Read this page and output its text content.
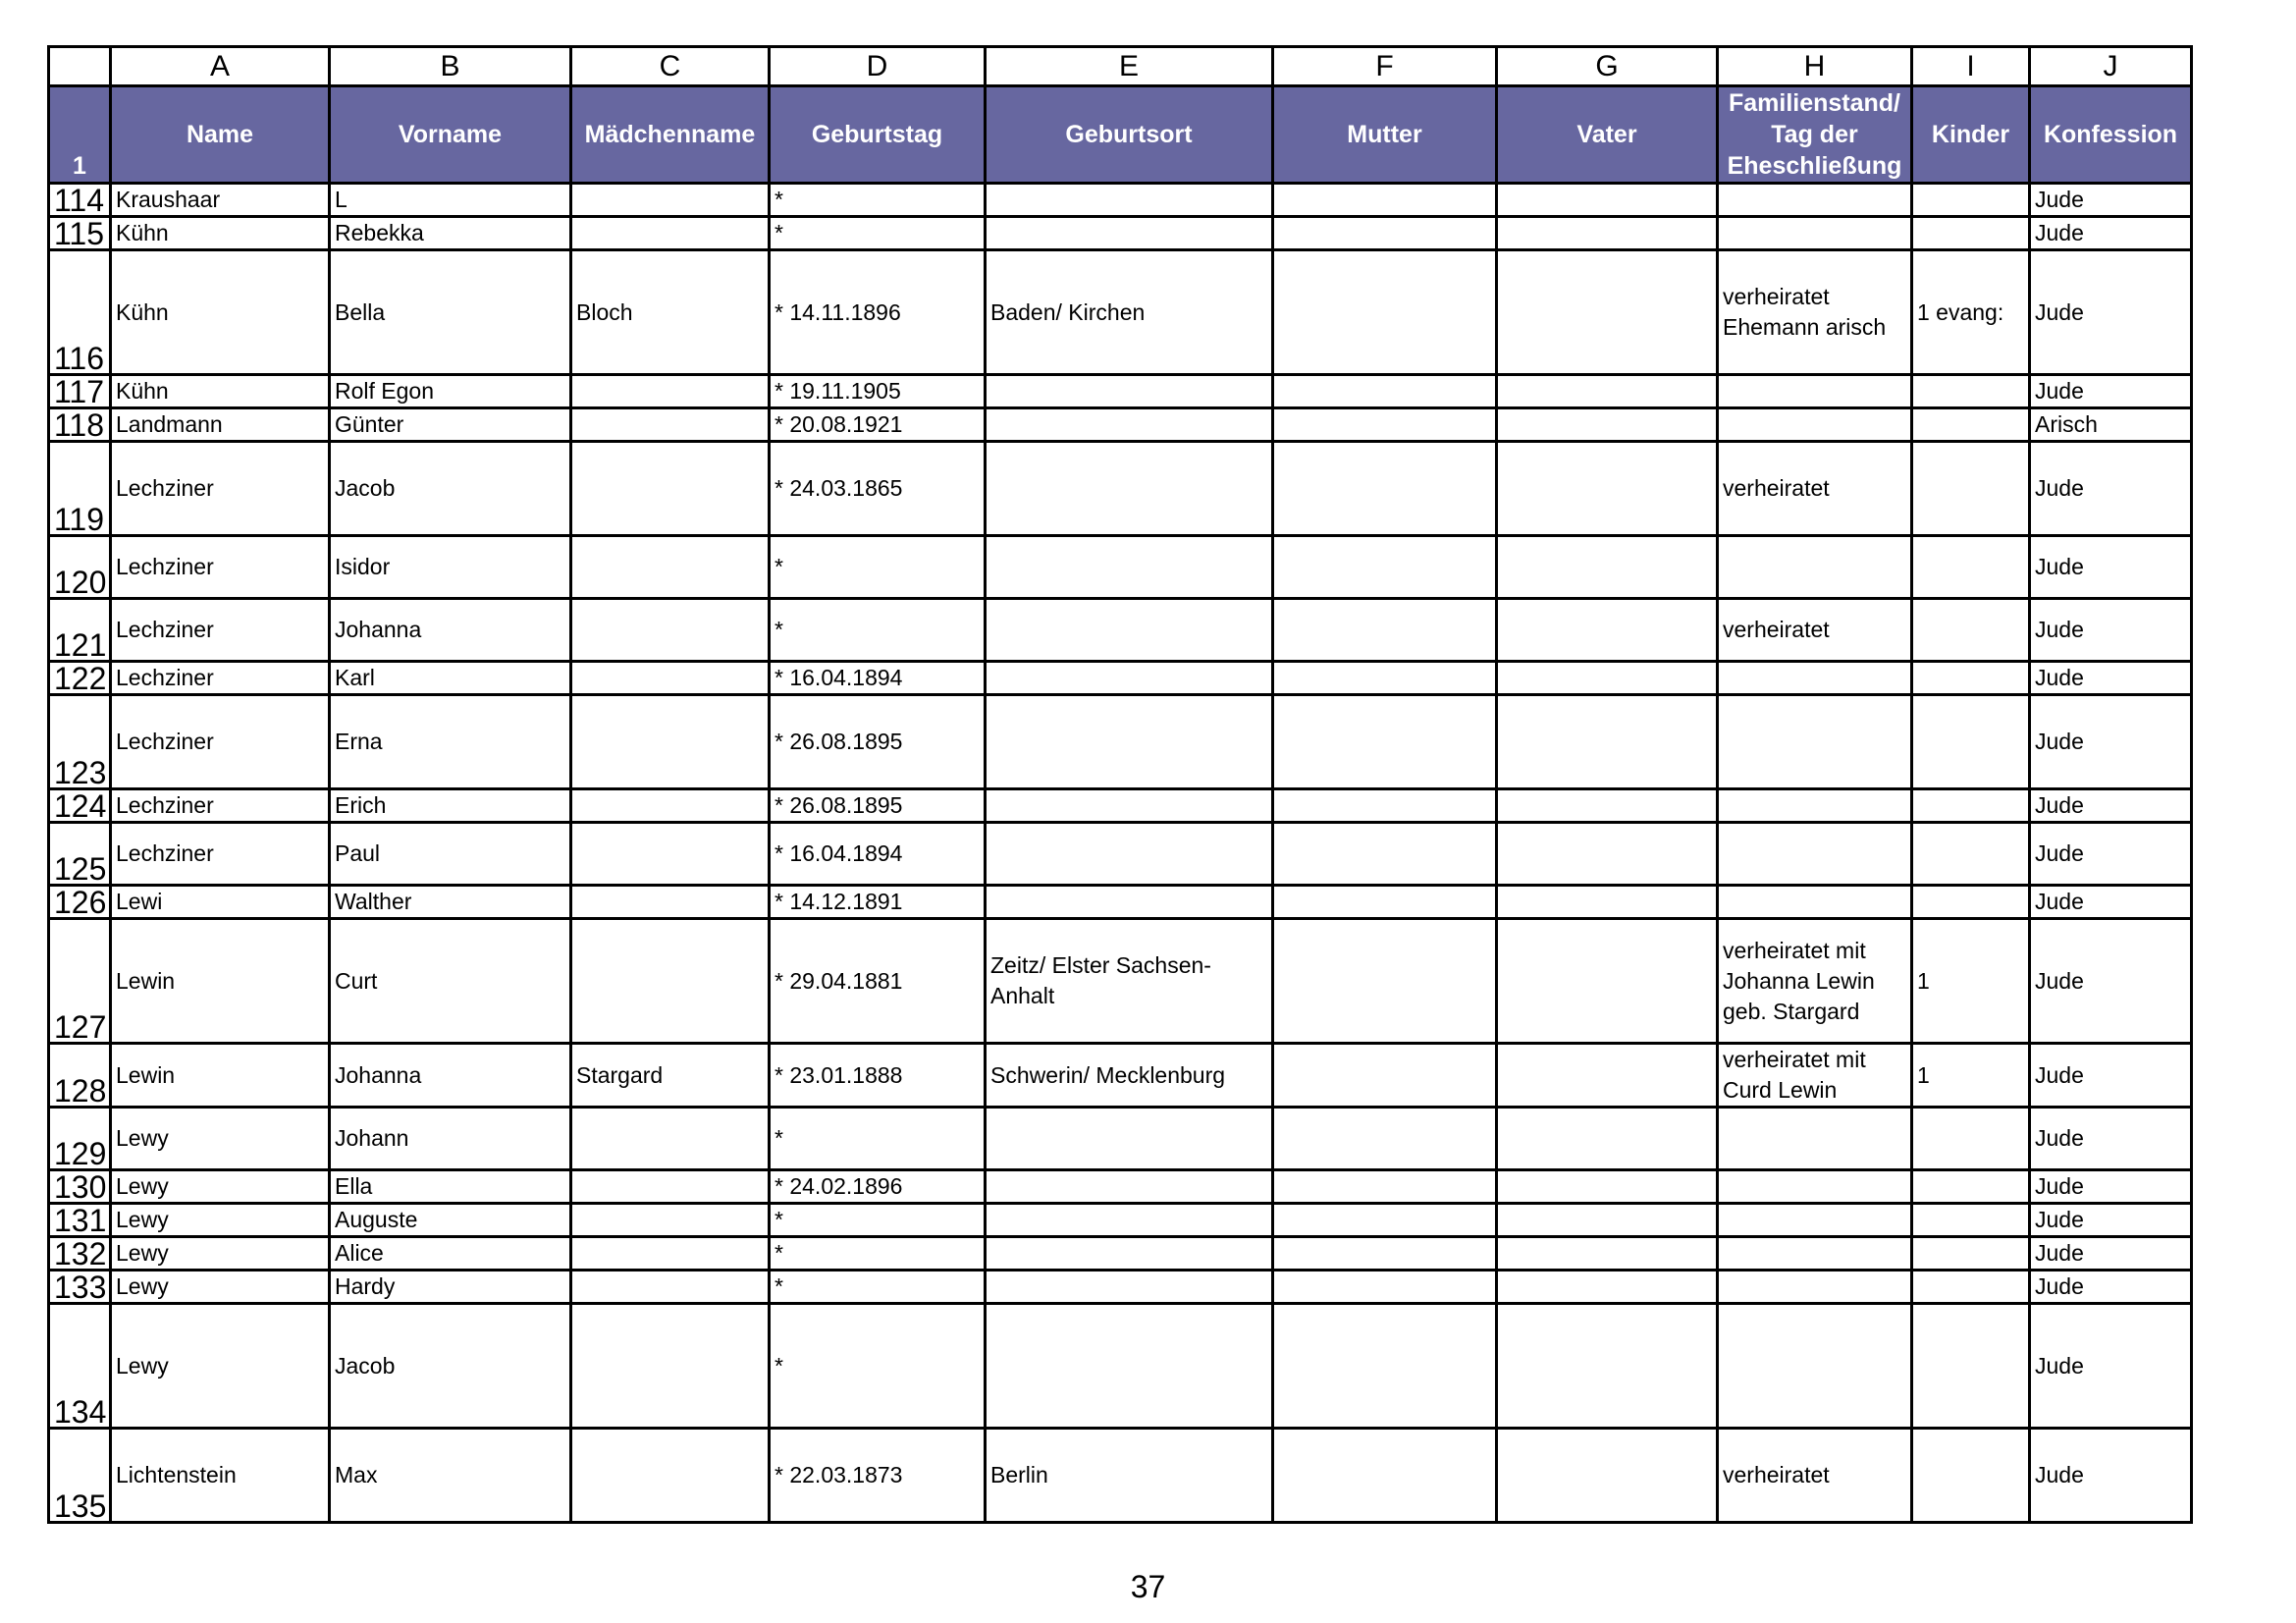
	A	B	C	D	E	F	G	H	I	J
1	Name	Vorname	Mädchenname	Geburtstag	Geburtsort	Mutter	Vater	Familienstand/
Tag der
Eheschließung	Kinder	Konfession
114	Kraushaar	L		*						Jude
115	Kühn	Rebekka		*						Jude
116	Kühn	Bella	Bloch	* 14.11.1896	Baden/ Kirchen			verheiratet
Ehemann arisch	1 evang:	Jude
117	Kühn	Rolf Egon		* 19.11.1905						Jude
118	Landmann	Günter		* 20.08.1921						Arisch
119	Lechziner	Jacob		* 24.03.1865				verheiratet		Jude
120	Lechziner	Isidor		*						Jude
121	Lechziner	Johanna		*				verheiratet		Jude
122	Lechziner	Karl		* 16.04.1894						Jude
123	Lechziner	Erna		* 26.08.1895						Jude
124	Lechziner	Erich		* 26.08.1895						Jude
125	Lechziner	Paul		* 16.04.1894						Jude
126	Lewi	Walther		* 14.12.1891						Jude
127	Lewin	Curt		* 29.04.1881	Zeitz/ Elster Sachsen-
Anhalt			verheiratet mit
Johanna Lewin
geb. Stargard	1	Jude
128	Lewin	Johanna	Stargard	* 23.01.1888	Schwerin/ Mecklenburg			verheiratet mit
Curd Lewin	1	Jude
129	Lewy	Johann		*						Jude
130	Lewy	Ella		* 24.02.1896						Jude
131	Lewy	Auguste		*						Jude
132	Lewy	Alice		*						Jude
133	Lewy	Hardy		*						Jude
134	Lewy	Jacob		*						Jude
135	Lichtenstein	Max		* 22.03.1873	Berlin			verheiratet		Jude
37
